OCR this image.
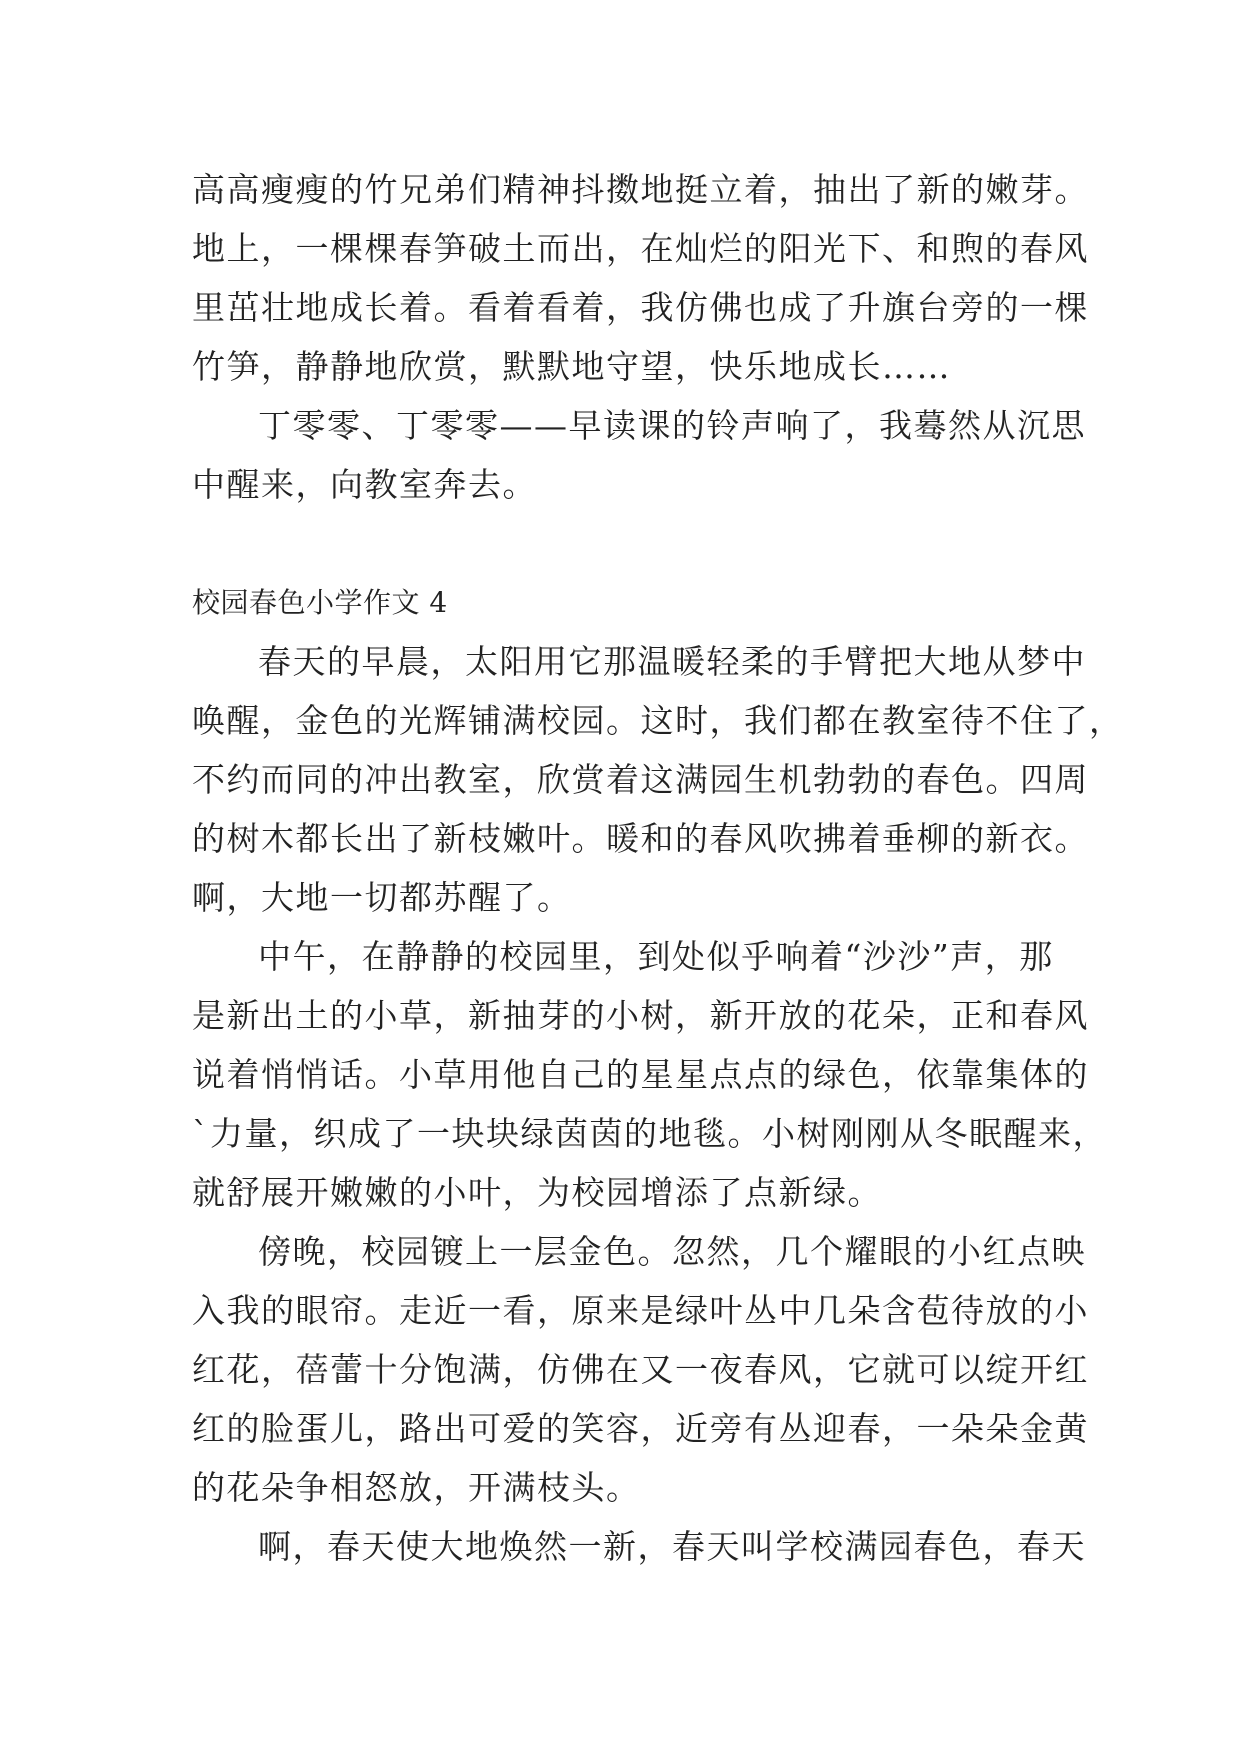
高高瘦瘦的竹兄弟们精神抖擞地挺立着，抽出了新的嫩芽。
地上，一棵棵春笋破土而出，在灿烂的阳光下、和煦的春风
里茁壮地成长着。看着看着，我仿佛也成了升旗台旁的一棵
竹笋，静静地欣赏，默默地守望，快乐地成长……
丁零零、丁零零——早读课的铃声响了，我蓦然从沉思
中醒来，向教室奔去。
校园春色小学作文 4
春天的早晨，太阳用它那温暖轻柔的手臂把大地从梦中
唤醒，金色的光辉铺满校园。这时，我们都在教室待不住了，
不约而同的冲出教室，欣赏着这满园生机勃勃的春色。四周
的树木都长出了新枝嫩叶。暖和的春风吹拂着垂柳的新衣。
啊，大地一切都苏醒了。
中午，在静静的校园里，到处似乎响着“沙沙”声，那
是新出土的小草，新抽芽的小树，新开放的花朵，正和春风
说着悄悄话。小草用他自己的星星点点的绿色，依靠集体的
`力量，织成了一块块绿茵茵的地毯。小树刚刚从冬眠醒来，
就舒展开嫩嫩的小叶，为校园增添了点新绿。
傍晚，校园镀上一层金色。忽然，几个耀眼的小红点映
入我的眼帘。走近一看，原来是绿叶丛中几朵含苞待放的小
红花，蓓蕾十分饱满，仿佛在又一夜春风，它就可以绽开红
红的脸蛋儿，路出可爱的笑容，近旁有丛迎春，一朵朵金黄
的花朵争相怒放，开满枝头。
啊，春天使大地焕然一新，春天叫学校满园春色，春天
